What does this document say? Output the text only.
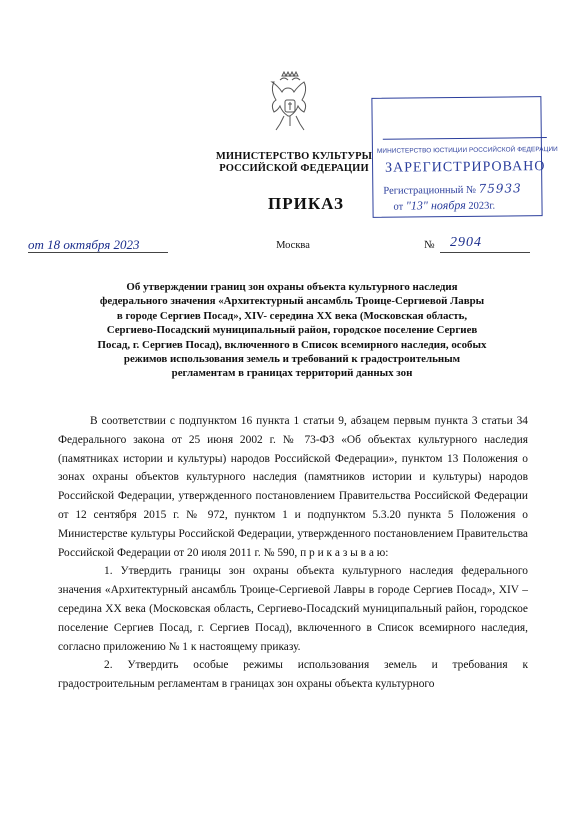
МИНИСТЕРСТВО КУЛЬТУРЫ
РОССИЙСКОЙ ФЕДЕРАЦИИ
ПРИКАЗ
МИНИСТЕРСТВО ЮСТИЦИИ РОССИЙСКОЙ ФЕДЕРАЦИИ
ЗАРЕГИСТРИРОВАНО
Регистрационный № 75933
от "13" ноября 2023г.
от 18 октября 2023	Москва	№ 2904
Об утверждении границ зон охраны объекта культурного наследия
федерального значения «Архитектурный ансамбль Троице-Сергиевой Лавры
в городе Сергиев Посад», XIV- середина XX века (Московская область,
Сергиево-Посадский муниципальный район, городское поселение Сергиев
Посад, г. Сергиев Посад), включенного в Список всемирного наследия, особых
режимов использования земель и требований к градостроительным
регламентам в границах территорий данных зон

В соответствии с подпунктом 16 пункта 1 статьи 9, абзацем первым пункта 3 статьи 34 Федерального закона от 25 июня 2002 г. № 73-ФЗ «Об объектах культурного наследия (памятниках истории и культуры) народов Российской Федерации», пунктом 13 Положения о зонах охраны объектов культурного наследия (памятников истории и культуры) народов Российской Федерации, утвержденного постановлением Правительства Российской Федерации от 12 сентября 2015 г. № 972, пунктом 1 и подпунктом 5.3.20 пункта 5 Положения о Министерстве культуры Российской Федерации, утвержденного постановлением Правительства Российской Федерации от 20 июля 2011 г. № 590, п р и к а з ы в а ю:

1. Утвердить границы зон охраны объекта культурного наследия федерального значения «Архитектурный ансамбль Троице-Сергиевой Лавры в городе Сергиев Посад», XIV – середина XX века (Московская область, Сергиево-Посадский муниципальный район, городское поселение Сергиев Посад, г. Сергиев Посад), включенного в Список всемирного наследия, согласно приложению № 1 к настоящему приказу.

2. Утвердить особые режимы использования земель и требования к градостроительным регламентам в границах зон охраны объекта культурного
